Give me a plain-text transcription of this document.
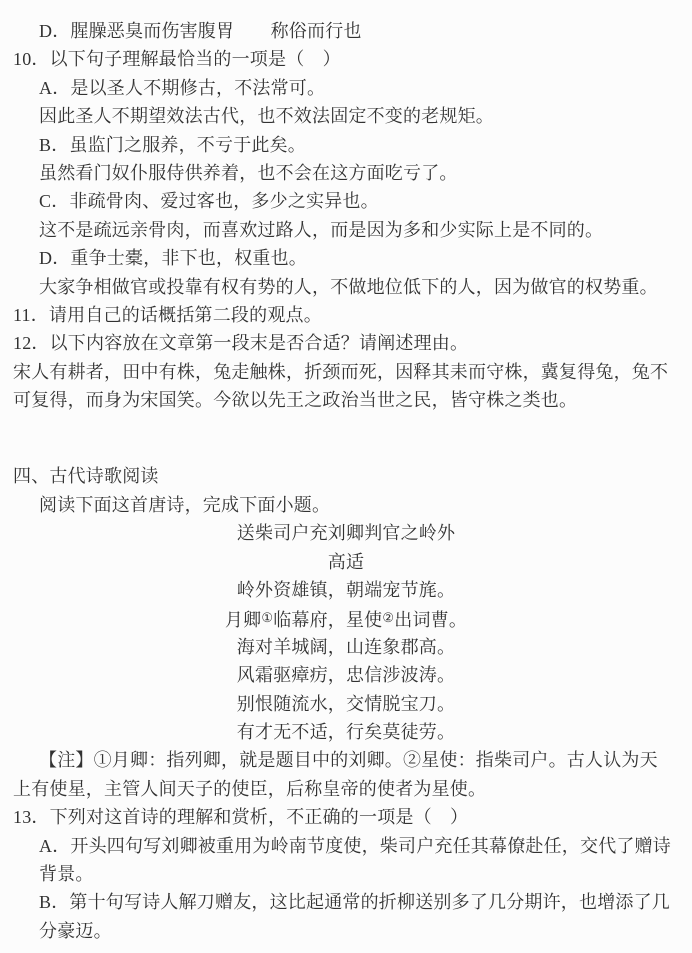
D．腥臊恶臭而伤害腹胃　　称俗而行也
10．以下句子理解最恰当的一项是（　）
A．是以圣人不期修古，不法常可。
因此圣人不期望效法古代，也不效法固定不变的老规矩。
B．虽监门之服养，不亏于此矣。
虽然看门奴仆服侍供养着，也不会在这方面吃亏了。
C．非疏骨肉、爱过客也，多少之实异也。
这不是疏远亲骨肉，而喜欢过路人，而是因为多和少实际上是不同的。
D．重争士橐，非下也，权重也。
大家争相做官或投靠有权有势的人，不做地位低下的人，因为做官的权势重。
11．请用自己的话概括第二段的观点。
12．以下内容放在文章第一段末是否合适？请阐述理由。
宋人有耕者，田中有株，兔走触株，折颈而死，因释其耒而守株，冀复得兔，兔不
可复得，而身为宋国笑。今欲以先王之政治当世之民，皆守株之类也。
四、古代诗歌阅读
阅读下面这首唐诗，完成下面小题。
送柴司户充刘卿判官之岭外
高适
岭外资雄镇，朝端宠节旄。
月卿①临幕府，星使②出词曹。
海对羊城阔，山连象郡高。
风霜驱瘴疠，忠信涉波涛。
别恨随流水，交情脱宝刀。
有才无不适，行矣莫徒劳。
【注】①月卿：指列卿，就是题目中的刘卿。②星使：指柴司户。古人认为天
上有使星，主管人间天子的使臣，后称皇帝的使者为星使。
13．下列对这首诗的理解和赏析，不正确的一项是（　）
A．开头四句写刘卿被重用为岭南节度使，柴司户充任其幕僚赴任，交代了赠诗
背景。
B．第十句写诗人解刀赠友，这比起通常的折柳送别多了几分期许，也增添了几
分豪迈。
